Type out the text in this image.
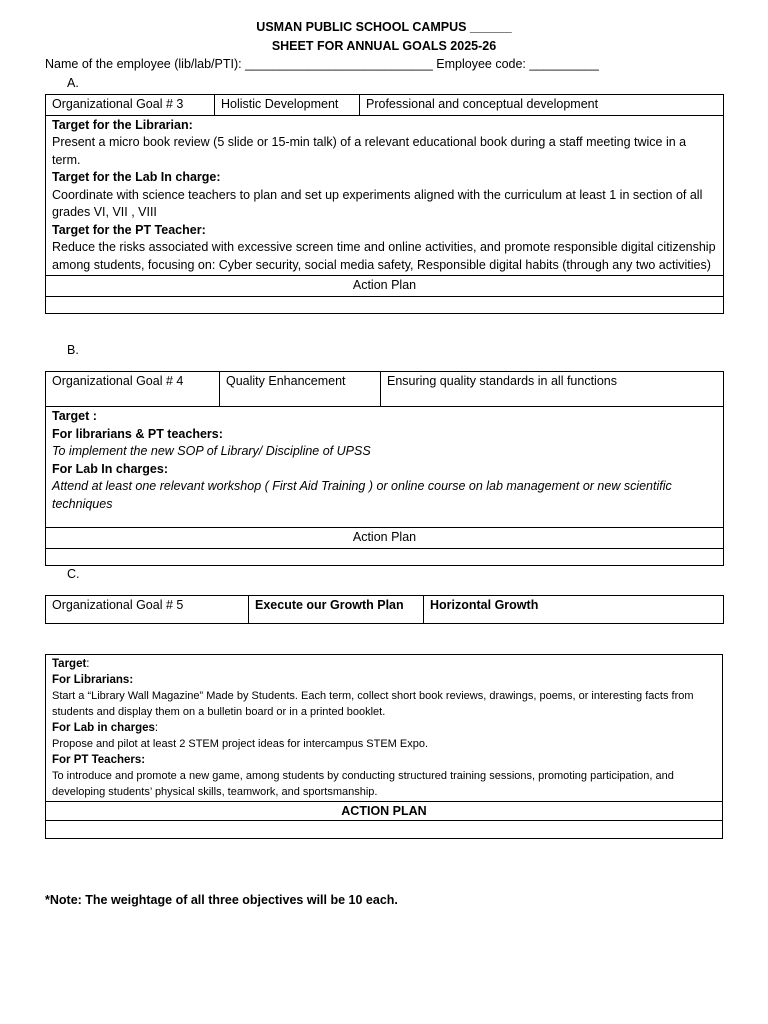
USMAN PUBLIC SCHOOL CAMPUS ______
SHEET FOR ANNUAL GOALS 2025-26
Name of the employee (lib/lab/PTI): ___________________________ Employee code: __________
A.
Organizational Goal # 3	Holistic Development	Professional and conceptual development

Target for the Librarian:
Present a micro book review (5 slide or 15-min talk) of a relevant educational book during a staff meeting twice in a term.
Target for the Lab In charge:
Coordinate with science teachers to plan and set up experiments aligned with the curriculum at least 1 in section of all grades VI, VII , VIII
Target for the PT Teacher:
Reduce the risks associated with excessive screen time and online activities, and promote responsible digital citizenship among students, focusing on: Cyber security, social media safety, Responsible digital habits (through any two activities)

Action Plan

B.
Organizational Goal # 4	Quality Enhancement	Ensuring quality standards in all functions

Target :
For librarians & PT teachers:
To implement the new SOP of Library/ Discipline of UPSS
For Lab In charges:
Attend at least one relevant workshop ( First Aid Training ) or online course on lab management or new scientific techniques

Action Plan

C.
Organizational Goal # 5	Execute our Growth Plan	Horizontal Growth
Target:
For Librarians:
Start a “Library Wall Magazine” Made by Students. Each term, collect short book reviews, drawings, poems, or interesting facts from students and display them on a bulletin board or in a printed booklet.
For Lab in charges:
Propose and pilot at least 2 STEM project ideas for intercampus STEM Expo.
For PT Teachers:
To introduce and promote a new game, among students by conducting structured training sessions, promoting participation, and developing students’ physical skills, teamwork, and sportsmanship.

ACTION PLAN

*Note: The weightage of all three objectives will be 10 each.
